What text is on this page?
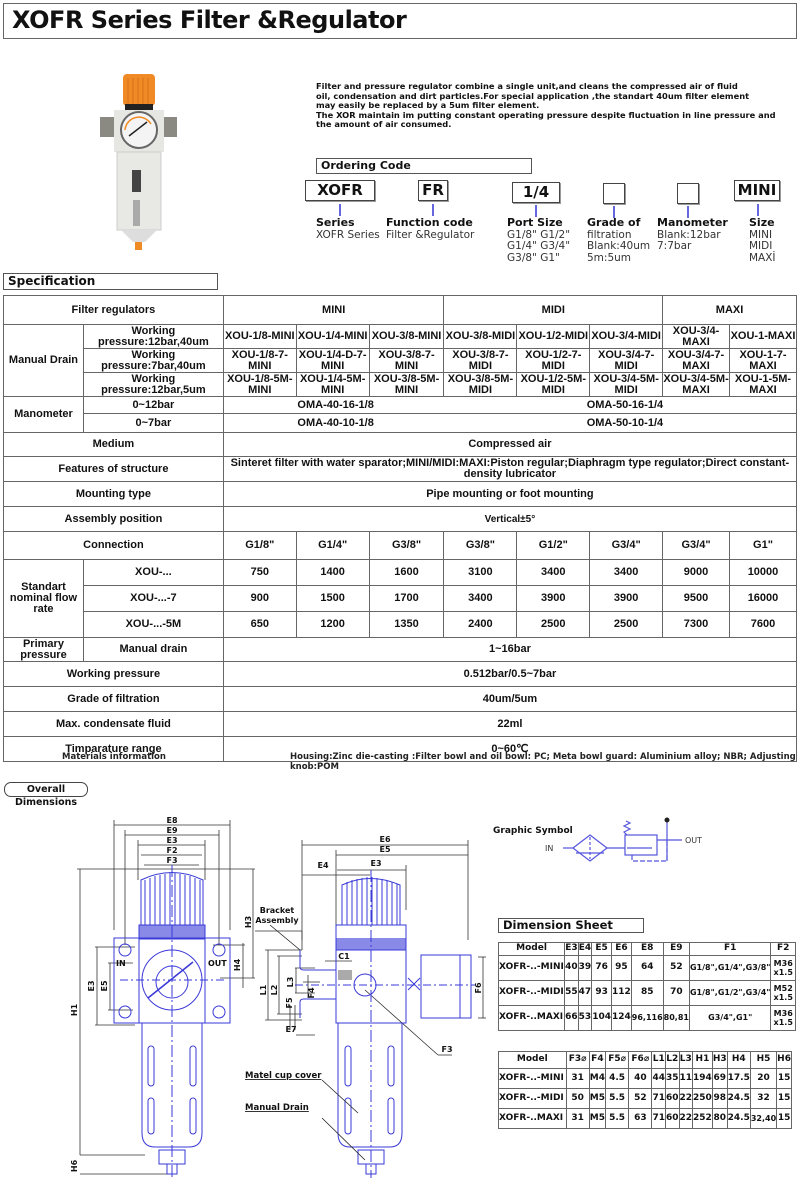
XOFR Series Filter &Regulator
Filter and pressure regulator combine a single unit,and cleans the compressed air of fluid
oil, condensation and dirt particles.For special application ,the standart 40um filter element
may easily be replaced by a 5um filter element.
The XOR maintain im putting constant operating pressure despite fluctuation in line pressure and
the amount of air consumed.
Ordering Code
XOFR
Series
XOFR Series
FR
Function code
Filter &Regulator
1/4
Port Size
G1/8" G1/2"
G1/4" G3/4"
G3/8" G1"
Grade of
filtration
Blank:40um
5m:5um
Manometer
Blank:12bar
7:7bar
MINI
Size
MINI
MIDI
MAXİ
Specification
Filter regulators		MINI			MIDI			MAXI	
Manual Drain	Working pressure:12bar,40um	XOU-1/8-MINI	XOU-1/4-MINI	XOU-3/8-MINI	XOU-3/8-MIDI	XOU-1/2-MIDI	XOU-3/4-MIDI	XOU-3/4-MAXI	XOU-1-MAXI
	Working pressure:7bar,40um	XOU-1/8-7-MINI	XOU-1/4-D-7-MINI	XOU-3/8-7-MINI	XOU-3/8-7-MIDI	XOU-1/2-7-MIDI	XOU-3/4-7-MIDI	XOU-3/4-7-MAXI	XOU-1-7-MAXI
	Working pressure:12bar,5um	XOU-1/8-5M-MINI	XOU-1/4-5M-MINI	XOU-3/8-5M-MINI	XOU-3/8-5M-MIDI	XOU-1/2-5M-MIDI	XOU-3/4-5M-MIDI	XOU-3/4-5M-MAXI	XOU-1-5M-MAXI
Manometer	0~12bar	OMA-40-16-1/8 OMA-50-16-1/4							

	0~7bar	OMA-40-10-1/8 OMA-50-10-1/4							

Medium		Compressed air							
Features of structure		Sinteret filter with water sparator;MINI/MIDI:MAXI:Piston regular;Diaphragm type regulator;Direct constant-density lubricator							
Mounting type		Pipe mounting or foot mounting							
Assembly position		Vertical±5°							
Connection		G1/8"	G1/4"	G3/8"	G3/8"	G1/2"	G3/4"	G3/4"	G1"
Standart nominal flow rate	XOU-...	750	1400	1600	3100	3400	3400	9000	10000
	XOU-...-7	900	1500	1700	3400	3900	3900	9500	16000
	XOU-...-5M	650	1200	1350	2400	2500	2500	7300	7600
Primary pressure	Manual drain	1~16bar							
Working pressure		0.512bar/0.5~7bar							
Grade of filtration		40um/5um							
Max. condensate fluid		22ml							
Timparature range		0~60℃							
Materials information	Housing:Zinc die-casting :Filter bowl and oil bowl: PC; Meta bowl guard: Aluminium alloy; NBR; Adjusting knob:POM
Overall Dimensions
E8
E9
E3
F2
F3
H1
H3
H4
H6
E3 E5
IN	OUT
E6
E5
E4	E3
Bracket
Assembly
C1
L1 L2
L3
F4
F5
E7
F6
F3
Matel cup cover
Manual Drain
Graphic Symbol
IN
OUT
Dimension Sheet
Model	E3	E4	E5	E6	E8	E9	F1	F2
XOFR-..-MINI	40	39	76	95	64	52	G1/8",G1/4",G3/8"	M36x1.5
XOFR-..-MIDI	55	47	93	112	85	70	G1/8",G1/2",G3/4"	M52x1.5
XOFR-..MAXI	66	53	104	124	96,116	80,81	G3/4",G1"	M36x1.5
Model	F3⌀	F4	F5⌀	F6⌀	L1	L2	L3	H1	H3	H4	H5	H6
XOFR-..-MINI	31	M4	4.5	40	44	35	11	194	69	17.5	20	15
XOFR-..-MIDI	50	M5	5.5	52	71	60	22	250	98	24.5	32	15
XOFR-..MAXI	31	M5	5.5	63	71	60	22	252	80	24.5	32,40	15
